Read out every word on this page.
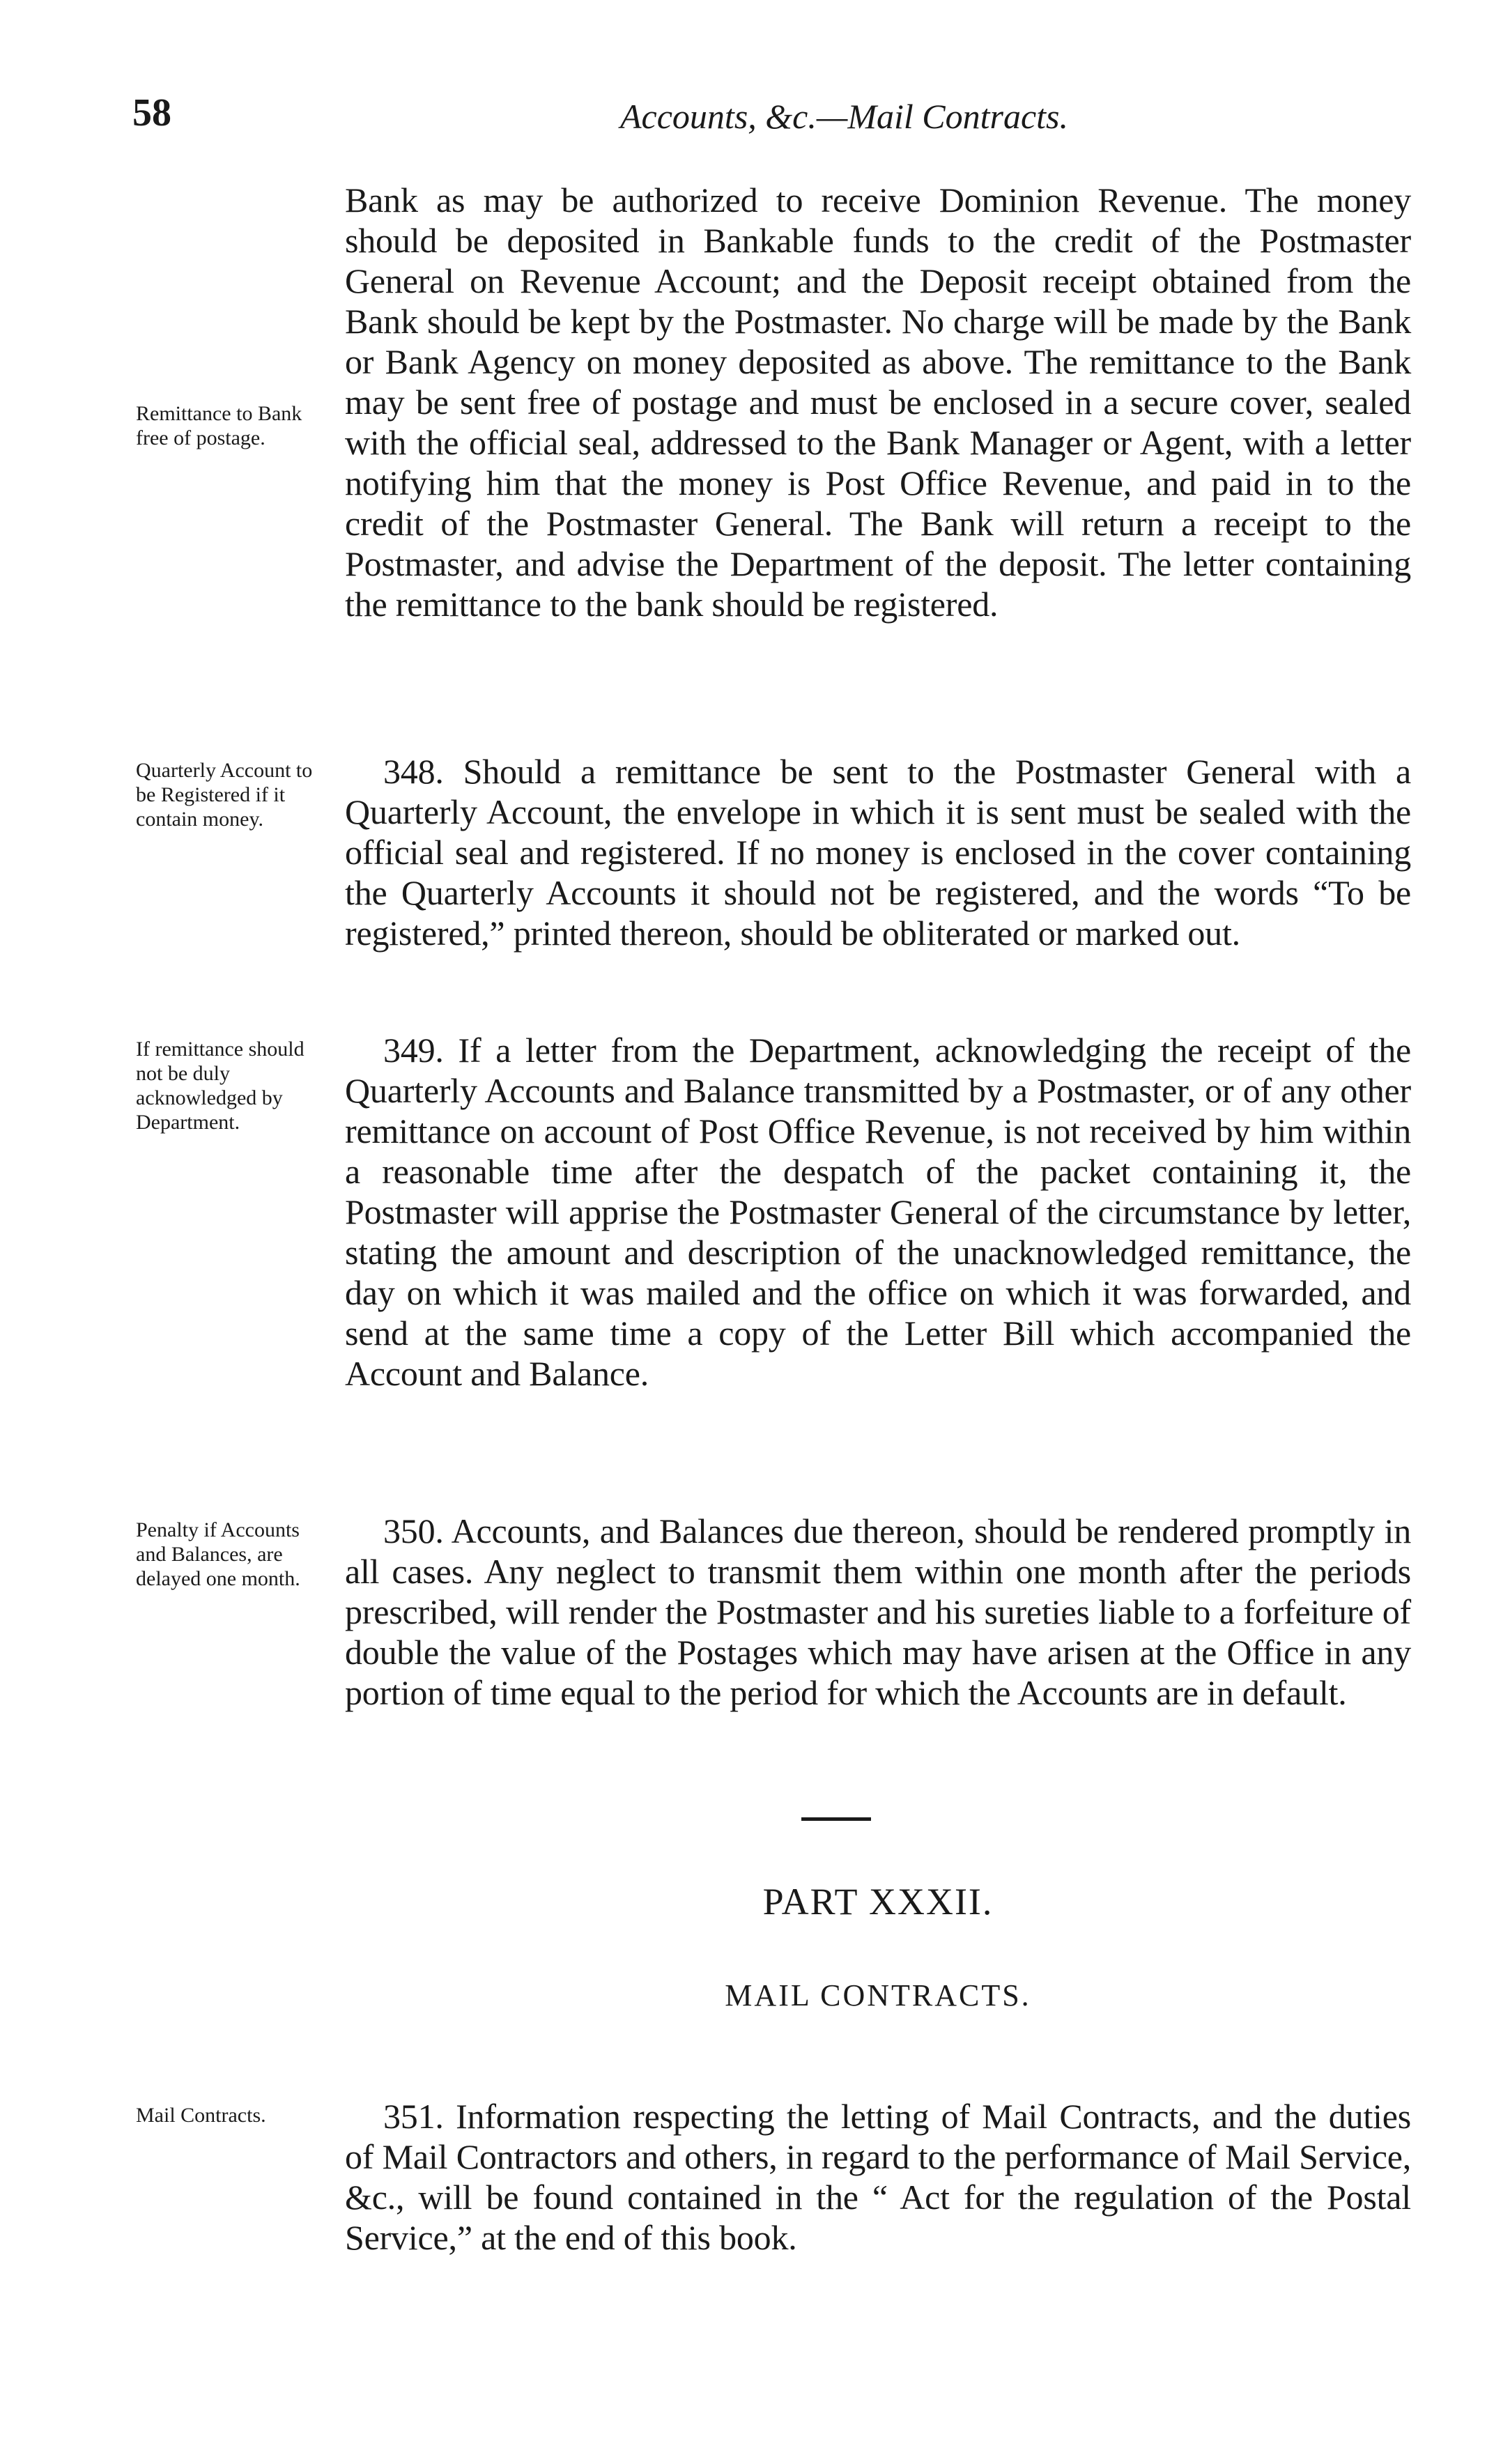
58	Accounts, &c.—Mail Contracts.
Remittance to Bank free of postage.
Bank as may be authorized to receive Dominion Revenue. The money should be deposited in Bankable funds to the credit of the Postmaster General on Revenue Account; and the Deposit receipt obtained from the Bank should be kept by the Postmaster. No charge will be made by the Bank or Bank Agency on money deposited as above. The remittance to the Bank may be sent free of postage and must be enclosed in a secure cover, sealed with the official seal, addressed to the Bank Manager or Agent, with a letter notifying him that the money is Post Office Revenue, and paid in to the credit of the Postmaster General. The Bank will return a receipt to the Postmaster, and advise the Department of the deposit. The letter containing the remittance to the bank should be registered.
Quarterly Account to be Registered if it contain money.
348. Should a remittance be sent to the Postmaster General with a Quarterly Account, the envelope in which it is sent must be sealed with the official seal and registered. If no money is enclosed in the cover containing the Quarterly Accounts it should not be registered, and the words “To be registered,” printed thereon, should be obliterated or marked out.
If remittance should not be duly acknowledged by Department.
349. If a letter from the Department, acknowledging the receipt of the Quarterly Accounts and Balance transmitted by a Postmaster, or of any other remittance on account of Post Office Revenue, is not received by him within a reasonable time after the despatch of the packet containing it, the Postmaster will apprise the Postmaster General of the circumstance by letter, stating the amount and description of the unacknowledged remittance, the day on which it was mailed and the office on which it was forwarded, and send at the same time a copy of the Letter Bill which accompanied the Account and Balance.
Penalty if Accounts and Balances, are delayed one month.
350. Accounts, and Balances due thereon, should be rendered promptly in all cases. Any neglect to transmit them within one month after the periods prescribed, will render the Postmaster and his sureties liable to a forfeiture of double the value of the Postages which may have arisen at the Office in any portion of time equal to the period for which the Accounts are in default.
PART XXXII.
MAIL CONTRACTS.
Mail Contracts.	351. Information respecting the letting of Mail Contracts, and the duties of Mail Contractors and others, in regard to the performance of Mail Service, &c., will be found contained in the “ Act for the regulation of the Postal Service,” at the end of this book.
